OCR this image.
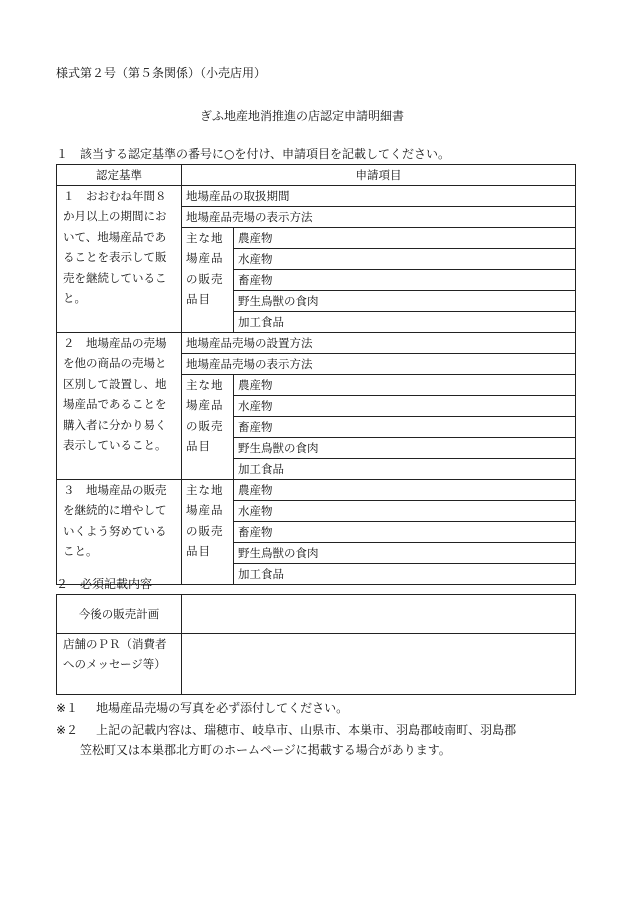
様式第２号（第５条関係）（小売店用）
ぎふ地産地消推進の店認定申請明細書
１　該当する認定基準の番号に○を付け、申請項目を記載してください。
認定基準	申請項目	
１　おおむね年間８か月以上の期間において、地場産品であることを表示して販売を継続していること。	地場産品の取扱期間	
	地場産品売場の表示方法	
	主な地場産品の販売品目	農産物
		水産物
		畜産物
		野生鳥獣の食肉
		加工食品
２　地場産品の売場を他の商品の売場と区別して設置し、地場産品であることを購入者に分かり易く表示していること。	地場産品売場の設置方法	
	地場産品売場の表示方法	
	主な地場産品の販売品目	農産物
		水産物
		畜産物
		野生鳥獣の食肉
		加工食品
３　地場産品の販売を継続的に増やしていくよう努めていること。	主な地場産品の販売品目	農産物
		水産物
		畜産物
		野生鳥獣の食肉
		加工食品
２　必須記載内容
今後の販売計画	
店舗のＰＲ（消費者へのメッセージ等）	
※１ 地場産品売場の写真を必ず添付してください。
※２ 上記の記載内容は、瑞穂市、岐阜市、山県市、本巣市、羽島郡岐南町、羽島郡
笠松町又は本巣郡北方町のホームページに掲載する場合があります。
